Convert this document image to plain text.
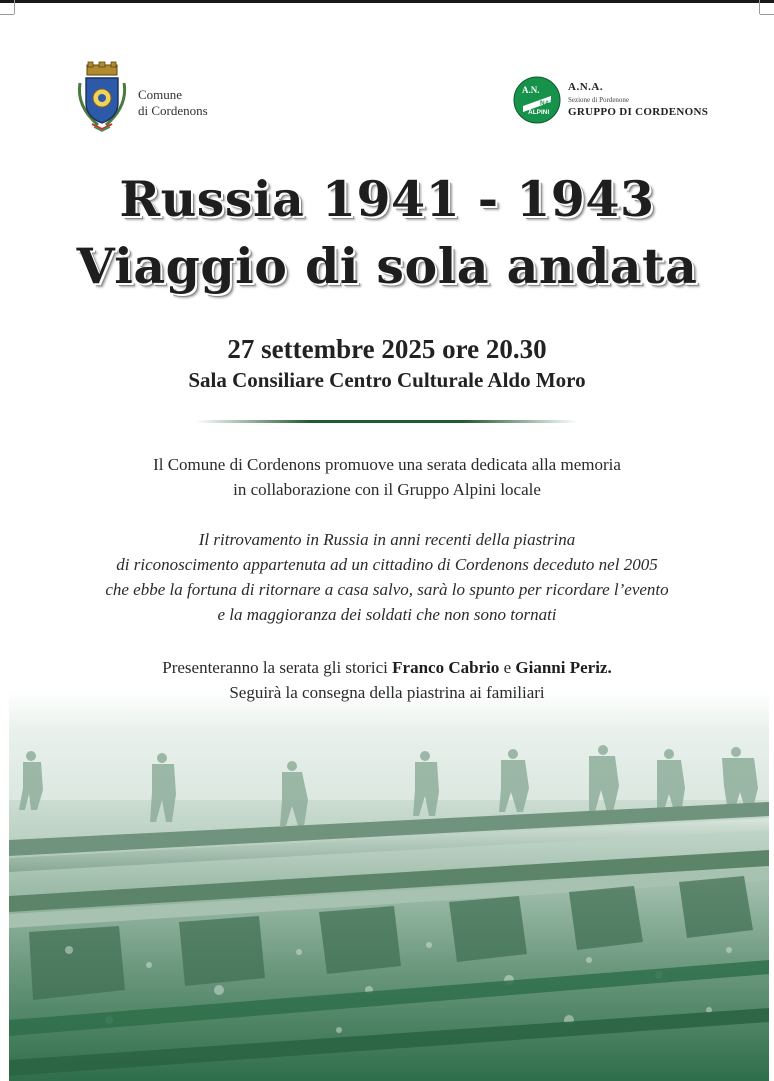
Comune
di Cordenons
A.N.
NAZ.
ALPINI
A.N.A.
Sezione di Pordenone
GRUPPO DI CORDENONS
Russia 1941 - 1943
Viaggio di sola andata
27 settembre 2025 ore 20.30
Sala Consiliare Centro Culturale Aldo Moro
Il Comune di Cordenons promuove una serata dedicata alla memoria
in collaborazione con il Gruppo Alpini locale
Il ritrovamento in Russia in anni recenti della piastrina
di riconoscimento appartenuta ad un cittadino di Cordenons deceduto nel 2005
che ebbe la fortuna di ritornare a casa salvo, sarà lo spunto per ricordare l’evento
e la maggioranza dei soldati che non sono tornati
Presenteranno la serata gli storici Franco Cabrio e Gianni Periz.
Seguirà la consegna della piastrina ai familiari
